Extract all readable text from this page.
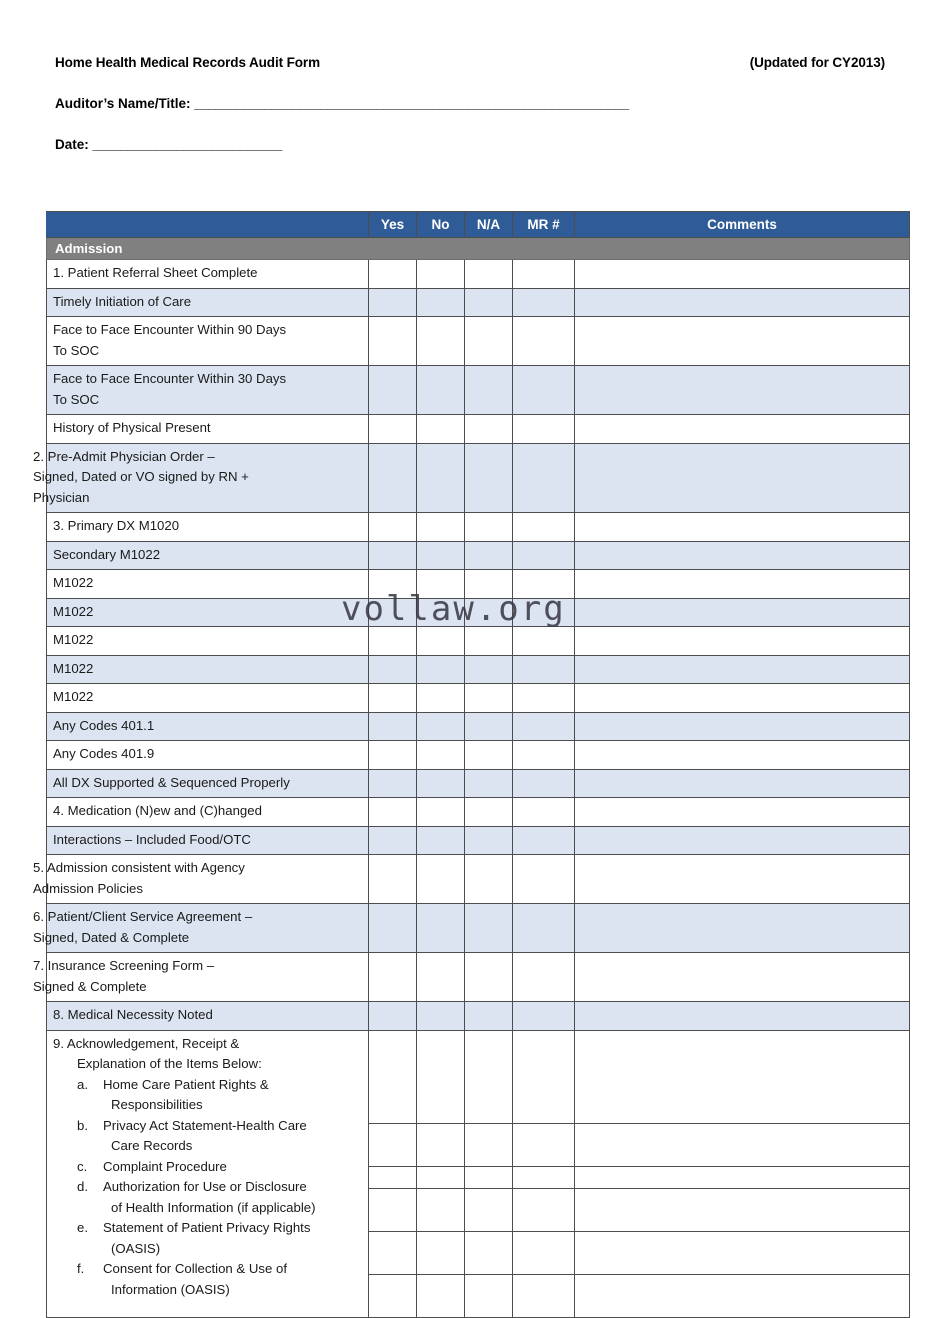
Home Health Medical Records Audit Form	(Updated for CY2013)
Auditor’s Name/Title: ______________________________________________________________
Date: ___________________________
	Yes	No	N/A	MR #	Comments
Admission					

1. Patient Referral Sheet Complete					

Timely Initiation of Care					

Face to Face Encounter Within 90 Days
To SOC					

Face to Face Encounter Within 30 Days
To SOC					

History of Physical Present					

2. Pre-Admit Physician Order –
Signed, Dated or VO signed by RN +
Physician					

3. Primary DX M1020					

Secondary M1022					

M1022					

M1022					

M1022					

M1022					

M1022					

Any Codes 401.1					

Any Codes 401.9					

All DX Supported & Sequenced Properly					

4. Medication (N)ew and (C)hanged					

Interactions – Included Food/OTC					

5. Admission consistent with Agency
Admission Policies					

6. Patient/Client Service Agreement –
Signed, Dated & Complete					

7. Insurance Screening Form –
Signed & Complete					

8. Medical Necessity Noted					

9. Acknowledgement, Receipt &
Explanation of the Items Below:
a. Home Care Patient Rights &
Responsibilities
b. Privacy Act Statement-Health Care
Care Records
c. Complaint Procedure
d. Authorization for Use or Disclosure
of Health Information (if applicable)
e. Statement of Patient Privacy Rights
(OASIS)
f. Consent for Collection & Use of
Information (OASIS)

vollaw.org
